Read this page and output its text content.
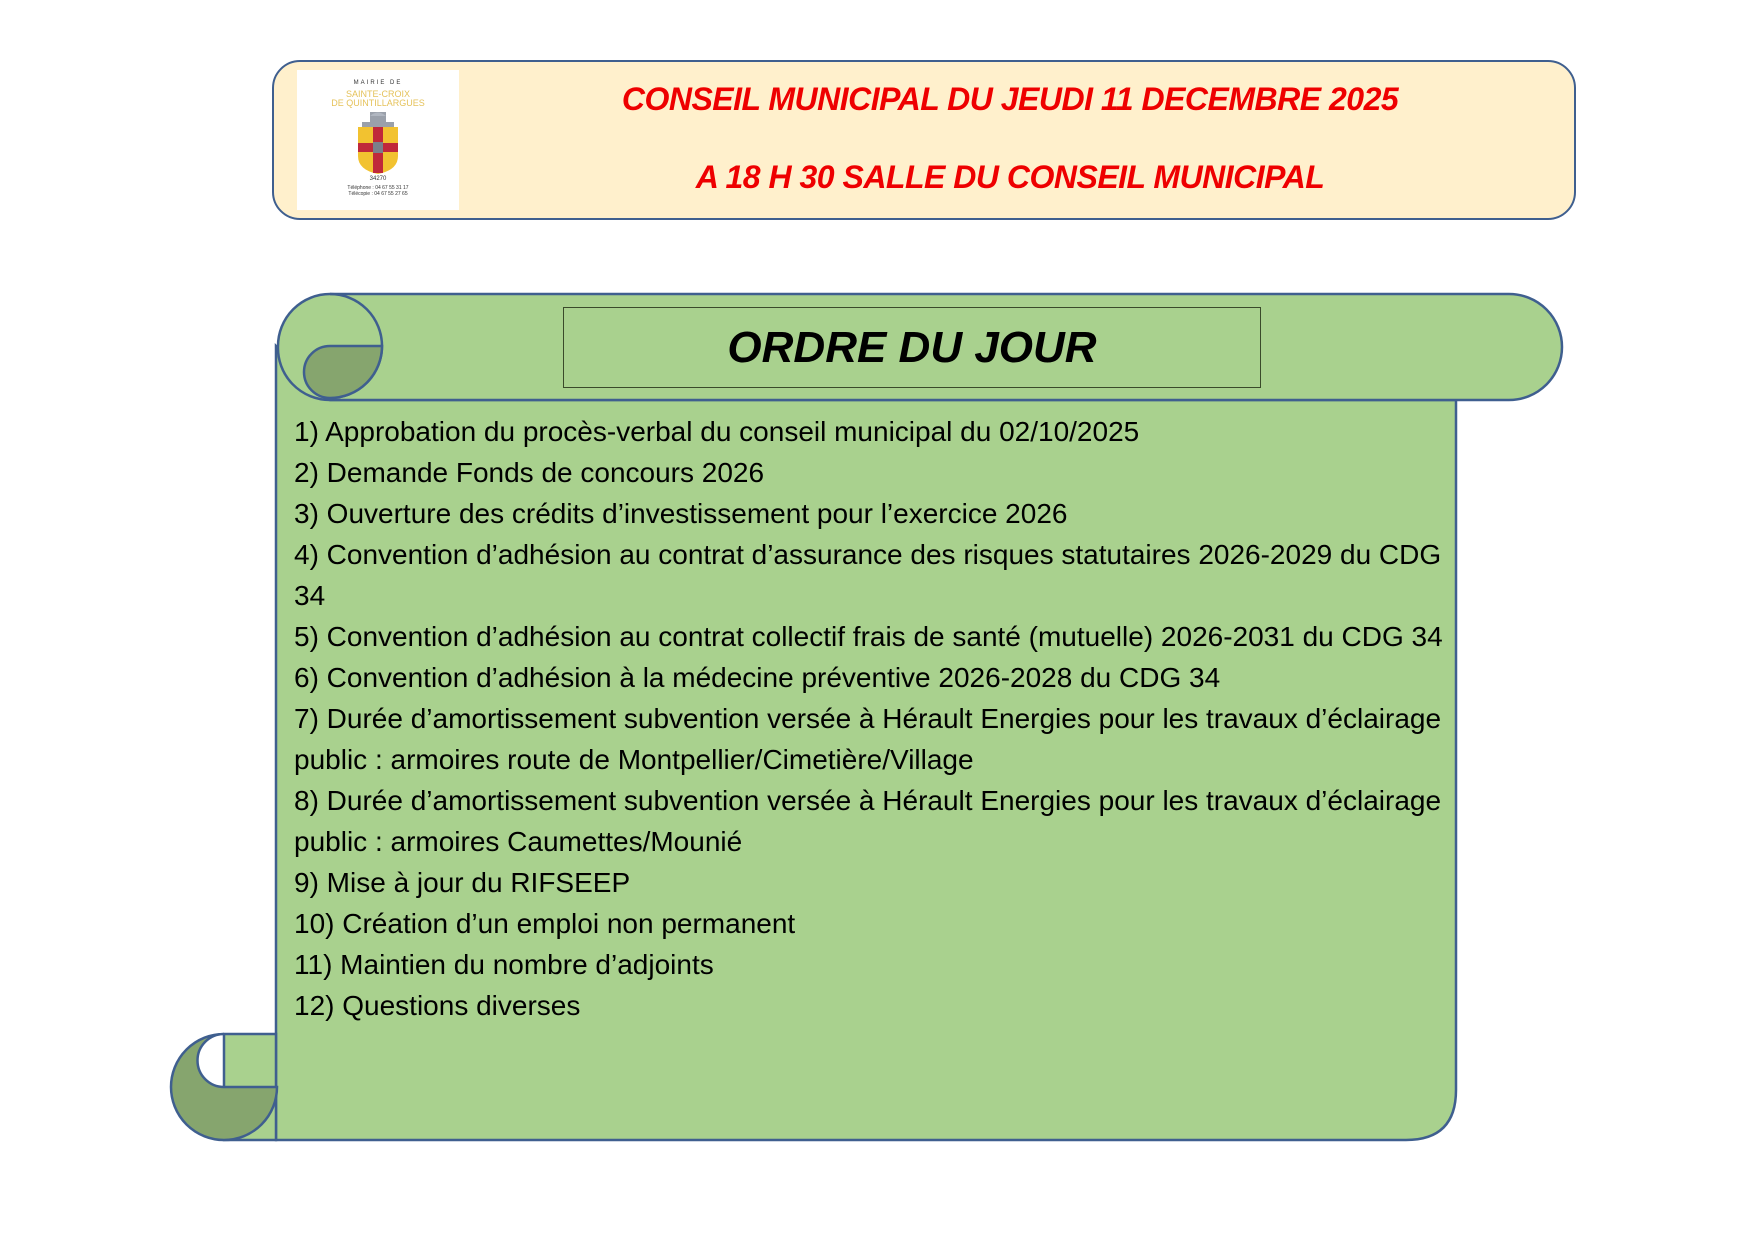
MAIRIE DE
SAINTE-CROIX
DE QUINTILLARGUES
34270
Téléphone : 04 67 55 31 17
Télécopie : 04 67 55 27 65
CONSEIL MUNICIPAL DU JEUDI 11 DECEMBRE 2025
A 18 H 30 SALLE DU CONSEIL MUNICIPAL
ORDRE DU JOUR
1) Approbation du procès-verbal du conseil municipal du 02/10/2025
2) Demande Fonds de concours 2026
3) Ouverture des crédits d’investissement pour l’exercice 2026
4) Convention d’adhésion au contrat d’assurance des risques statutaires 2026-2029 du CDG 34
5) Convention d’adhésion au contrat collectif frais de santé (mutuelle) 2026-2031 du CDG 34
6) Convention d’adhésion à la médecine préventive 2026-2028 du CDG 34
7) Durée d’amortissement subvention versée à Hérault Energies pour les travaux d’éclairage public : armoires route de Montpellier/Cimetière/Village
8) Durée d’amortissement subvention versée à Hérault Energies pour les travaux d’éclairage public : armoires Caumettes/Mounié
9) Mise à jour du RIFSEEP
10) Création d’un emploi non permanent
11) Maintien du nombre d’adjoints
12) Questions diverses
